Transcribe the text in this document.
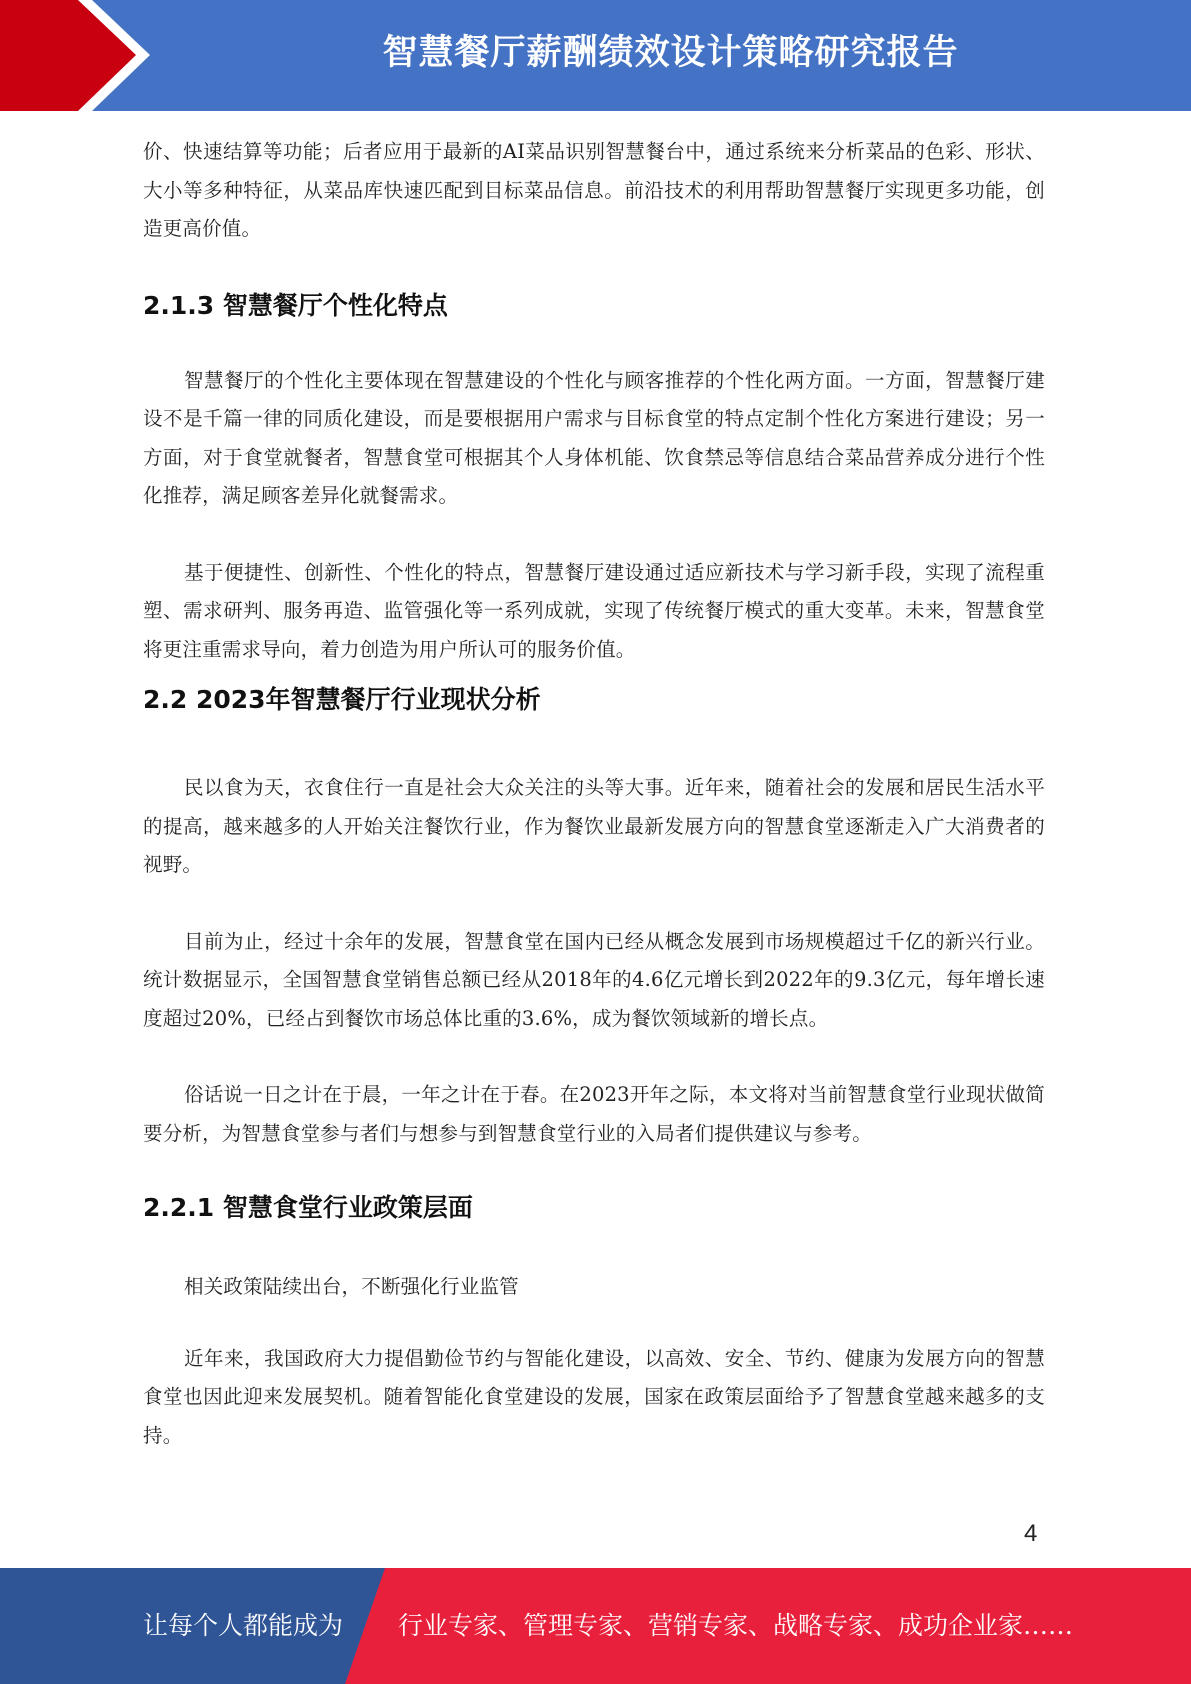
智慧餐厅薪酬绩效设计策略研究报告

价、快速结算等功能；后者应用于最新的AI菜品识别智慧餐台中，通过系统来分析菜品的色彩、形状、大小等多种特征，从菜品库快速匹配到目标菜品信息。前沿技术的利用帮助智慧餐厅实现更多功能，创造更高价值。

2.1.3 智慧餐厅个性化特点

智慧餐厅的个性化主要体现在智慧建设的个性化与顾客推荐的个性化两方面。一方面，智慧餐厅建设不是千篇一律的同质化建设，而是要根据用户需求与目标食堂的特点定制个性化方案进行建设；另一方面，对于食堂就餐者，智慧食堂可根据其个人身体机能、饮食禁忌等信息结合菜品营养成分进行个性化推荐，满足顾客差异化就餐需求。

基于便捷性、创新性、个性化的特点，智慧餐厅建设通过适应新技术与学习新手段，实现了流程重塑、需求研判、服务再造、监管强化等一系列成就，实现了传统餐厅模式的重大变革。未来，智慧食堂将更注重需求导向，着力创造为用户所认可的服务价值。

2.2 2023年智慧餐厅行业现状分析

民以食为天，衣食住行一直是社会大众关注的头等大事。近年来，随着社会的发展和居民生活水平的提高，越来越多的人开始关注餐饮行业，作为餐饮业最新发展方向的智慧食堂逐渐走入广大消费者的视野。

目前为止，经过十余年的发展，智慧食堂在国内已经从概念发展到市场规模超过千亿的新兴行业。统计数据显示，全国智慧食堂销售总额已经从2018年的4.6亿元增长到2022年的9.3亿元，每年增长速度超过20%，已经占到餐饮市场总体比重的3.6%，成为餐饮领域新的增长点。

俗话说一日之计在于晨，一年之计在于春。在2023开年之际，本文将对当前智慧食堂行业现状做简要分析，为智慧食堂参与者们与想参与到智慧食堂行业的入局者们提供建议与参考。

2.2.1 智慧食堂行业政策层面

相关政策陆续出台，不断强化行业监管

近年来，我国政府大力提倡勤俭节约与智能化建设，以高效、安全、节约、健康为发展方向的智慧食堂也因此迎来发展契机。随着智能化食堂建设的发展，国家在政策层面给予了智慧食堂越来越多的支持。

4
让每个人都能成为 行业专家、管理专家、营销专家、战略专家、成功企业家……
